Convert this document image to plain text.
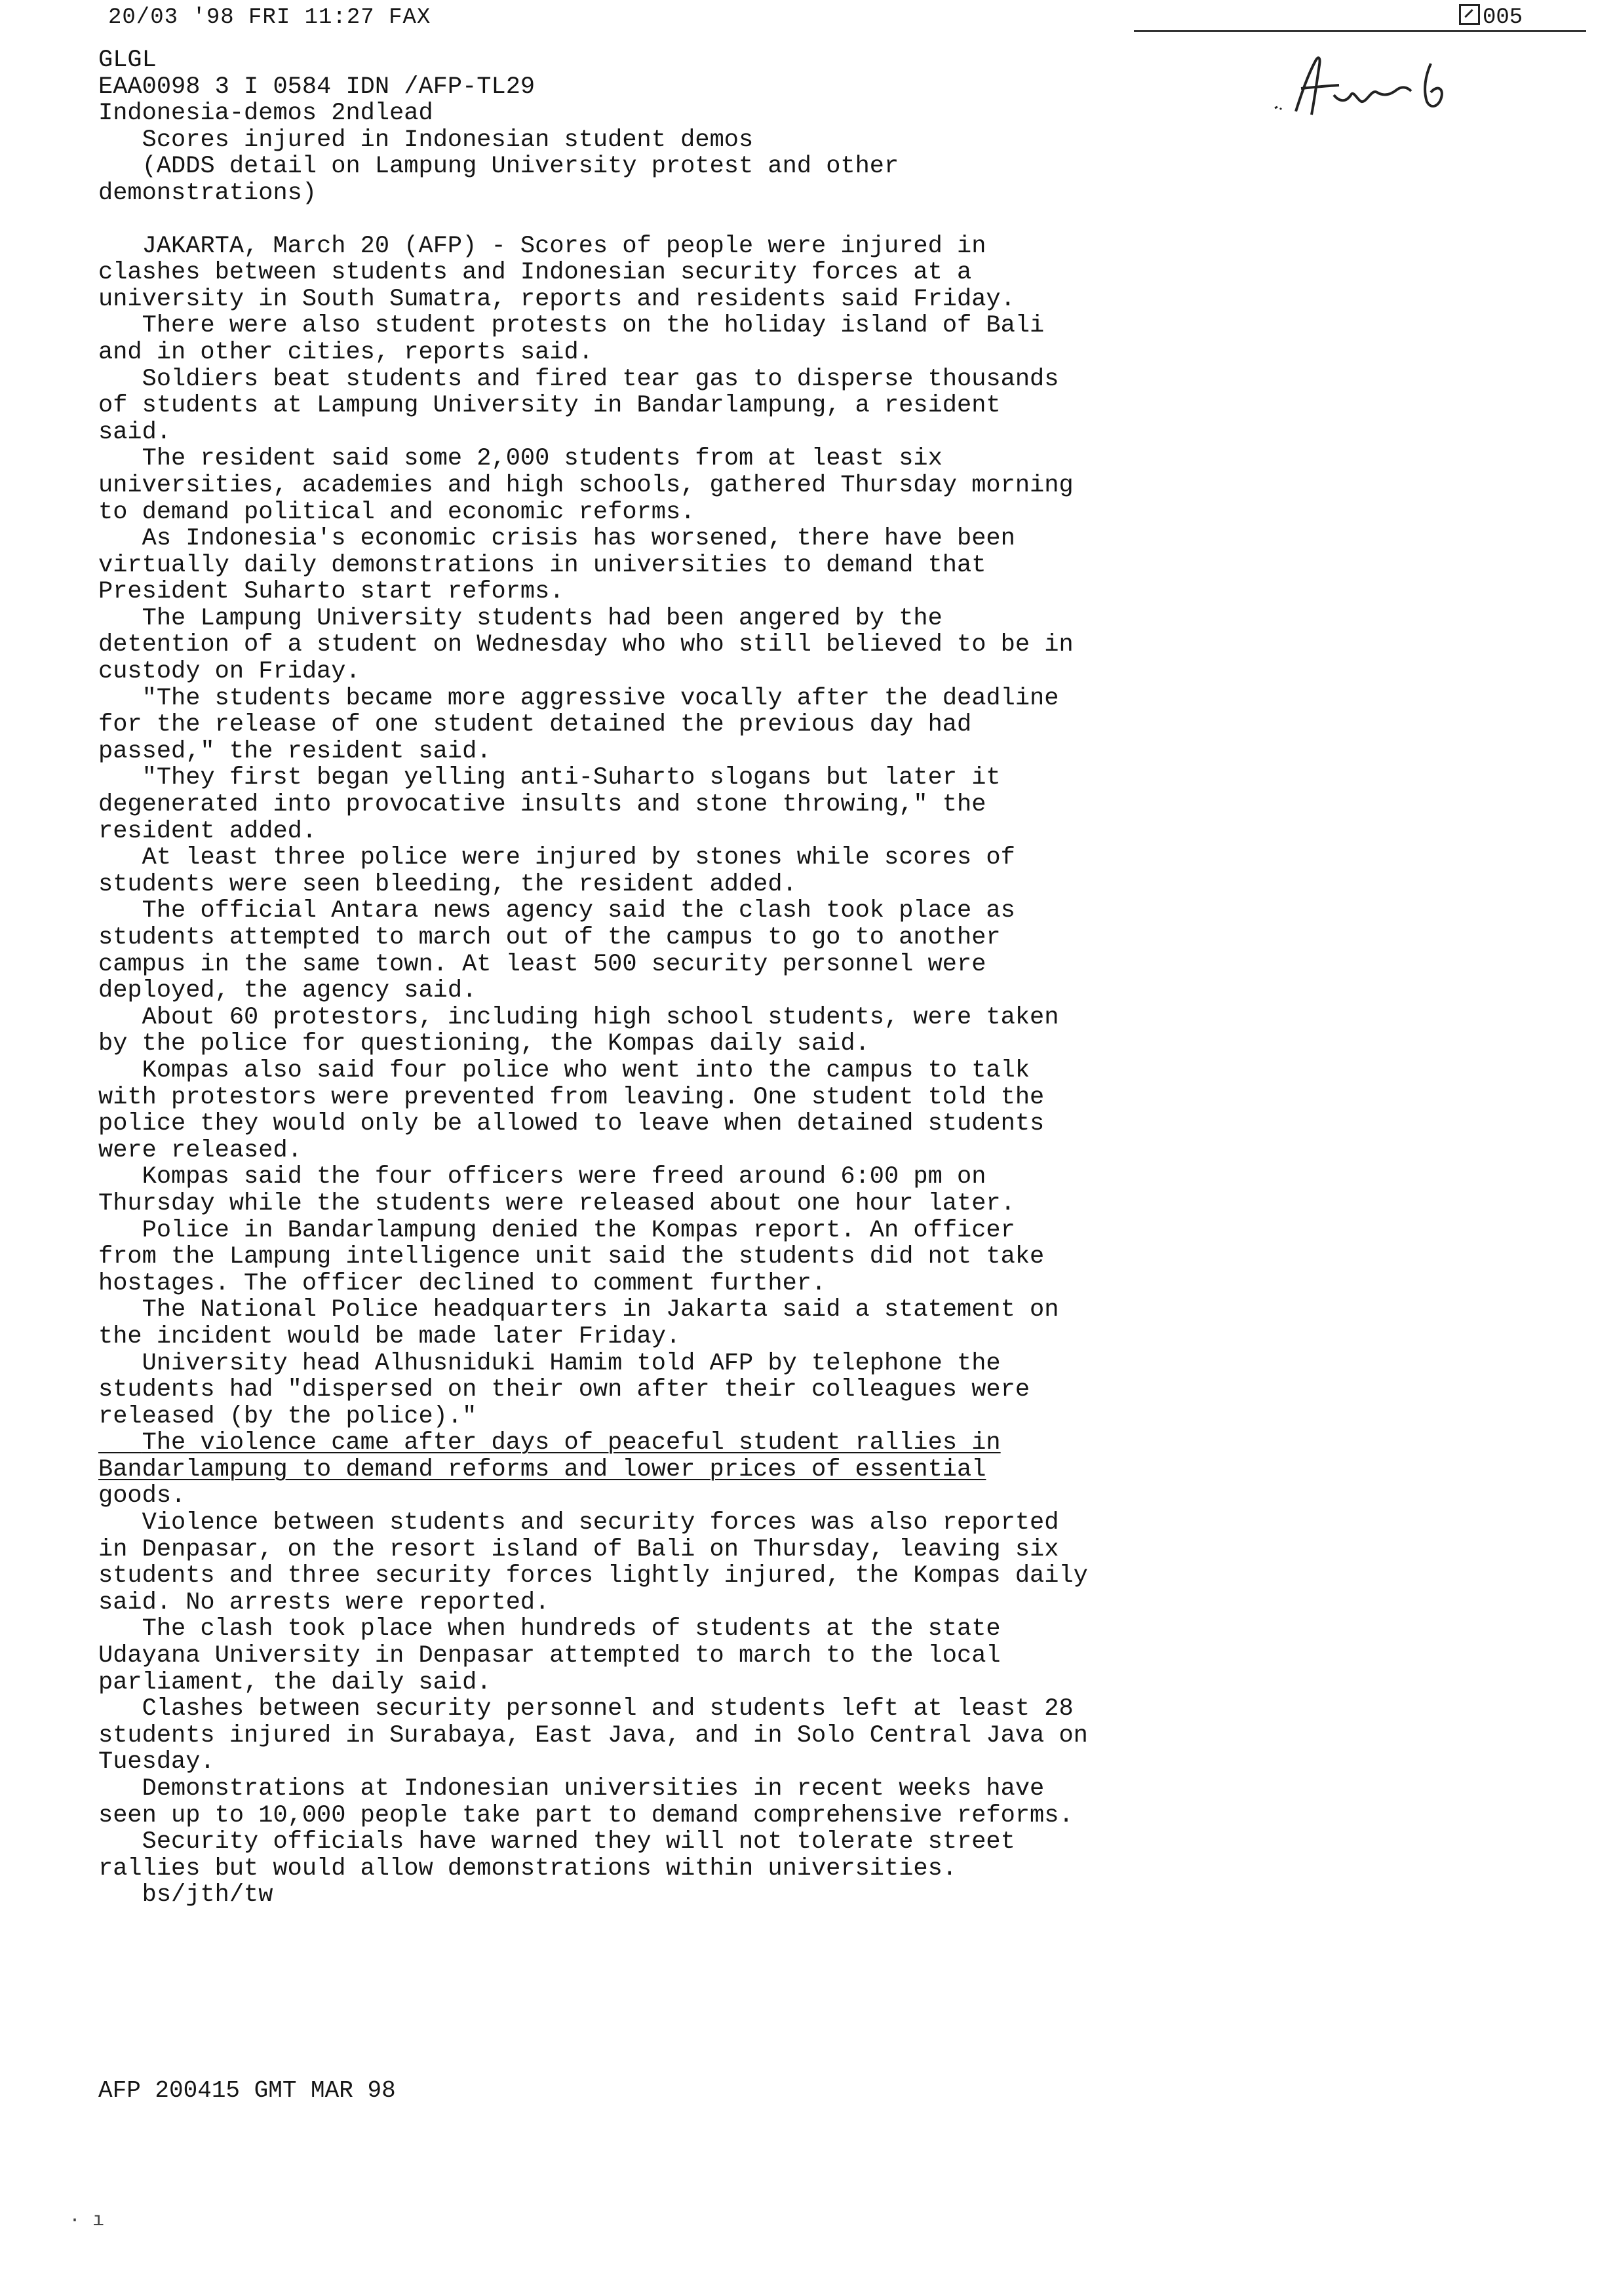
20/03 '98 FRI 11:27 FAX	005

GLGL

EAA0098 3 I 0584 IDN /AFP-TL29

Indonesia-demos 2ndlead

Scores injured in Indonesian student demos

(ADDS detail on Lampung University protest and other

demonstrations)

JAKARTA, March 20 (AFP) - Scores of people were injured in

clashes between students and Indonesian security forces at a

university in South Sumatra, reports and residents said Friday.

There were also student protests on the holiday island of Bali

and in other cities, reports said.

Soldiers beat students and fired tear gas to disperse thousands

of students at Lampung University in Bandarlampung, a resident

said.

The resident said some 2,000 students from at least six

universities, academies and high schools, gathered Thursday morning

to demand political and economic reforms.

As Indonesia's economic crisis has worsened, there have been

virtually daily demonstrations in universities to demand that

President Suharto start reforms.

The Lampung University students had been angered by the

detention of a student on Wednesday who who still believed to be in

custody on Friday.

"The students became more aggressive vocally after the deadline

for the release of one student detained the previous day had

passed," the resident said.

"They first began yelling anti-Suharto slogans but later it

degenerated into provocative insults and stone throwing," the

resident added.

At least three police were injured by stones while scores of

students were seen bleeding, the resident added.

The official Antara news agency said the clash took place as

students attempted to march out of the campus to go to another

campus in the same town. At least 500 security personnel were

deployed, the agency said.

About 60 protestors, including high school students, were taken

by the police for questioning, the Kompas daily said.

Kompas also said four police who went into the campus to talk

with protestors were prevented from leaving. One student told the

police they would only be allowed to leave when detained students

were released.

Kompas said the four officers were freed around 6:00 pm on

Thursday while the students were released about one hour later.

Police in Bandarlampung denied the Kompas report. An officer

from the Lampung intelligence unit said the students did not take

hostages. The officer declined to comment further.

The National Police headquarters in Jakarta said a statement on

the incident would be made later Friday.

University head Alhusniduki Hamim told AFP by telephone the

students had "dispersed on their own after their colleagues were

released (by the police)."

The violence came after days of peaceful student rallies in

Bandarlampung to demand reforms and lower prices of essential

goods.

Violence between students and security forces was also reported

in Denpasar, on the resort island of Bali on Thursday, leaving six

students and three security forces lightly injured, the Kompas daily

said. No arrests were reported.

The clash took place when hundreds of students at the state

Udayana University in Denpasar attempted to march to the local

parliament, the daily said.

Clashes between security personnel and students left at least 28

students injured in Surabaya, East Java, and in Solo Central Java on

Tuesday.

Demonstrations at Indonesian universities in recent weeks have

seen up to 10,000 people take part to demand comprehensive reforms.

Security officials have warned they will not tolerate street

rallies but would allow demonstrations within universities.

bs/jth/tw

AFP 200415 GMT MAR 98
· ı
